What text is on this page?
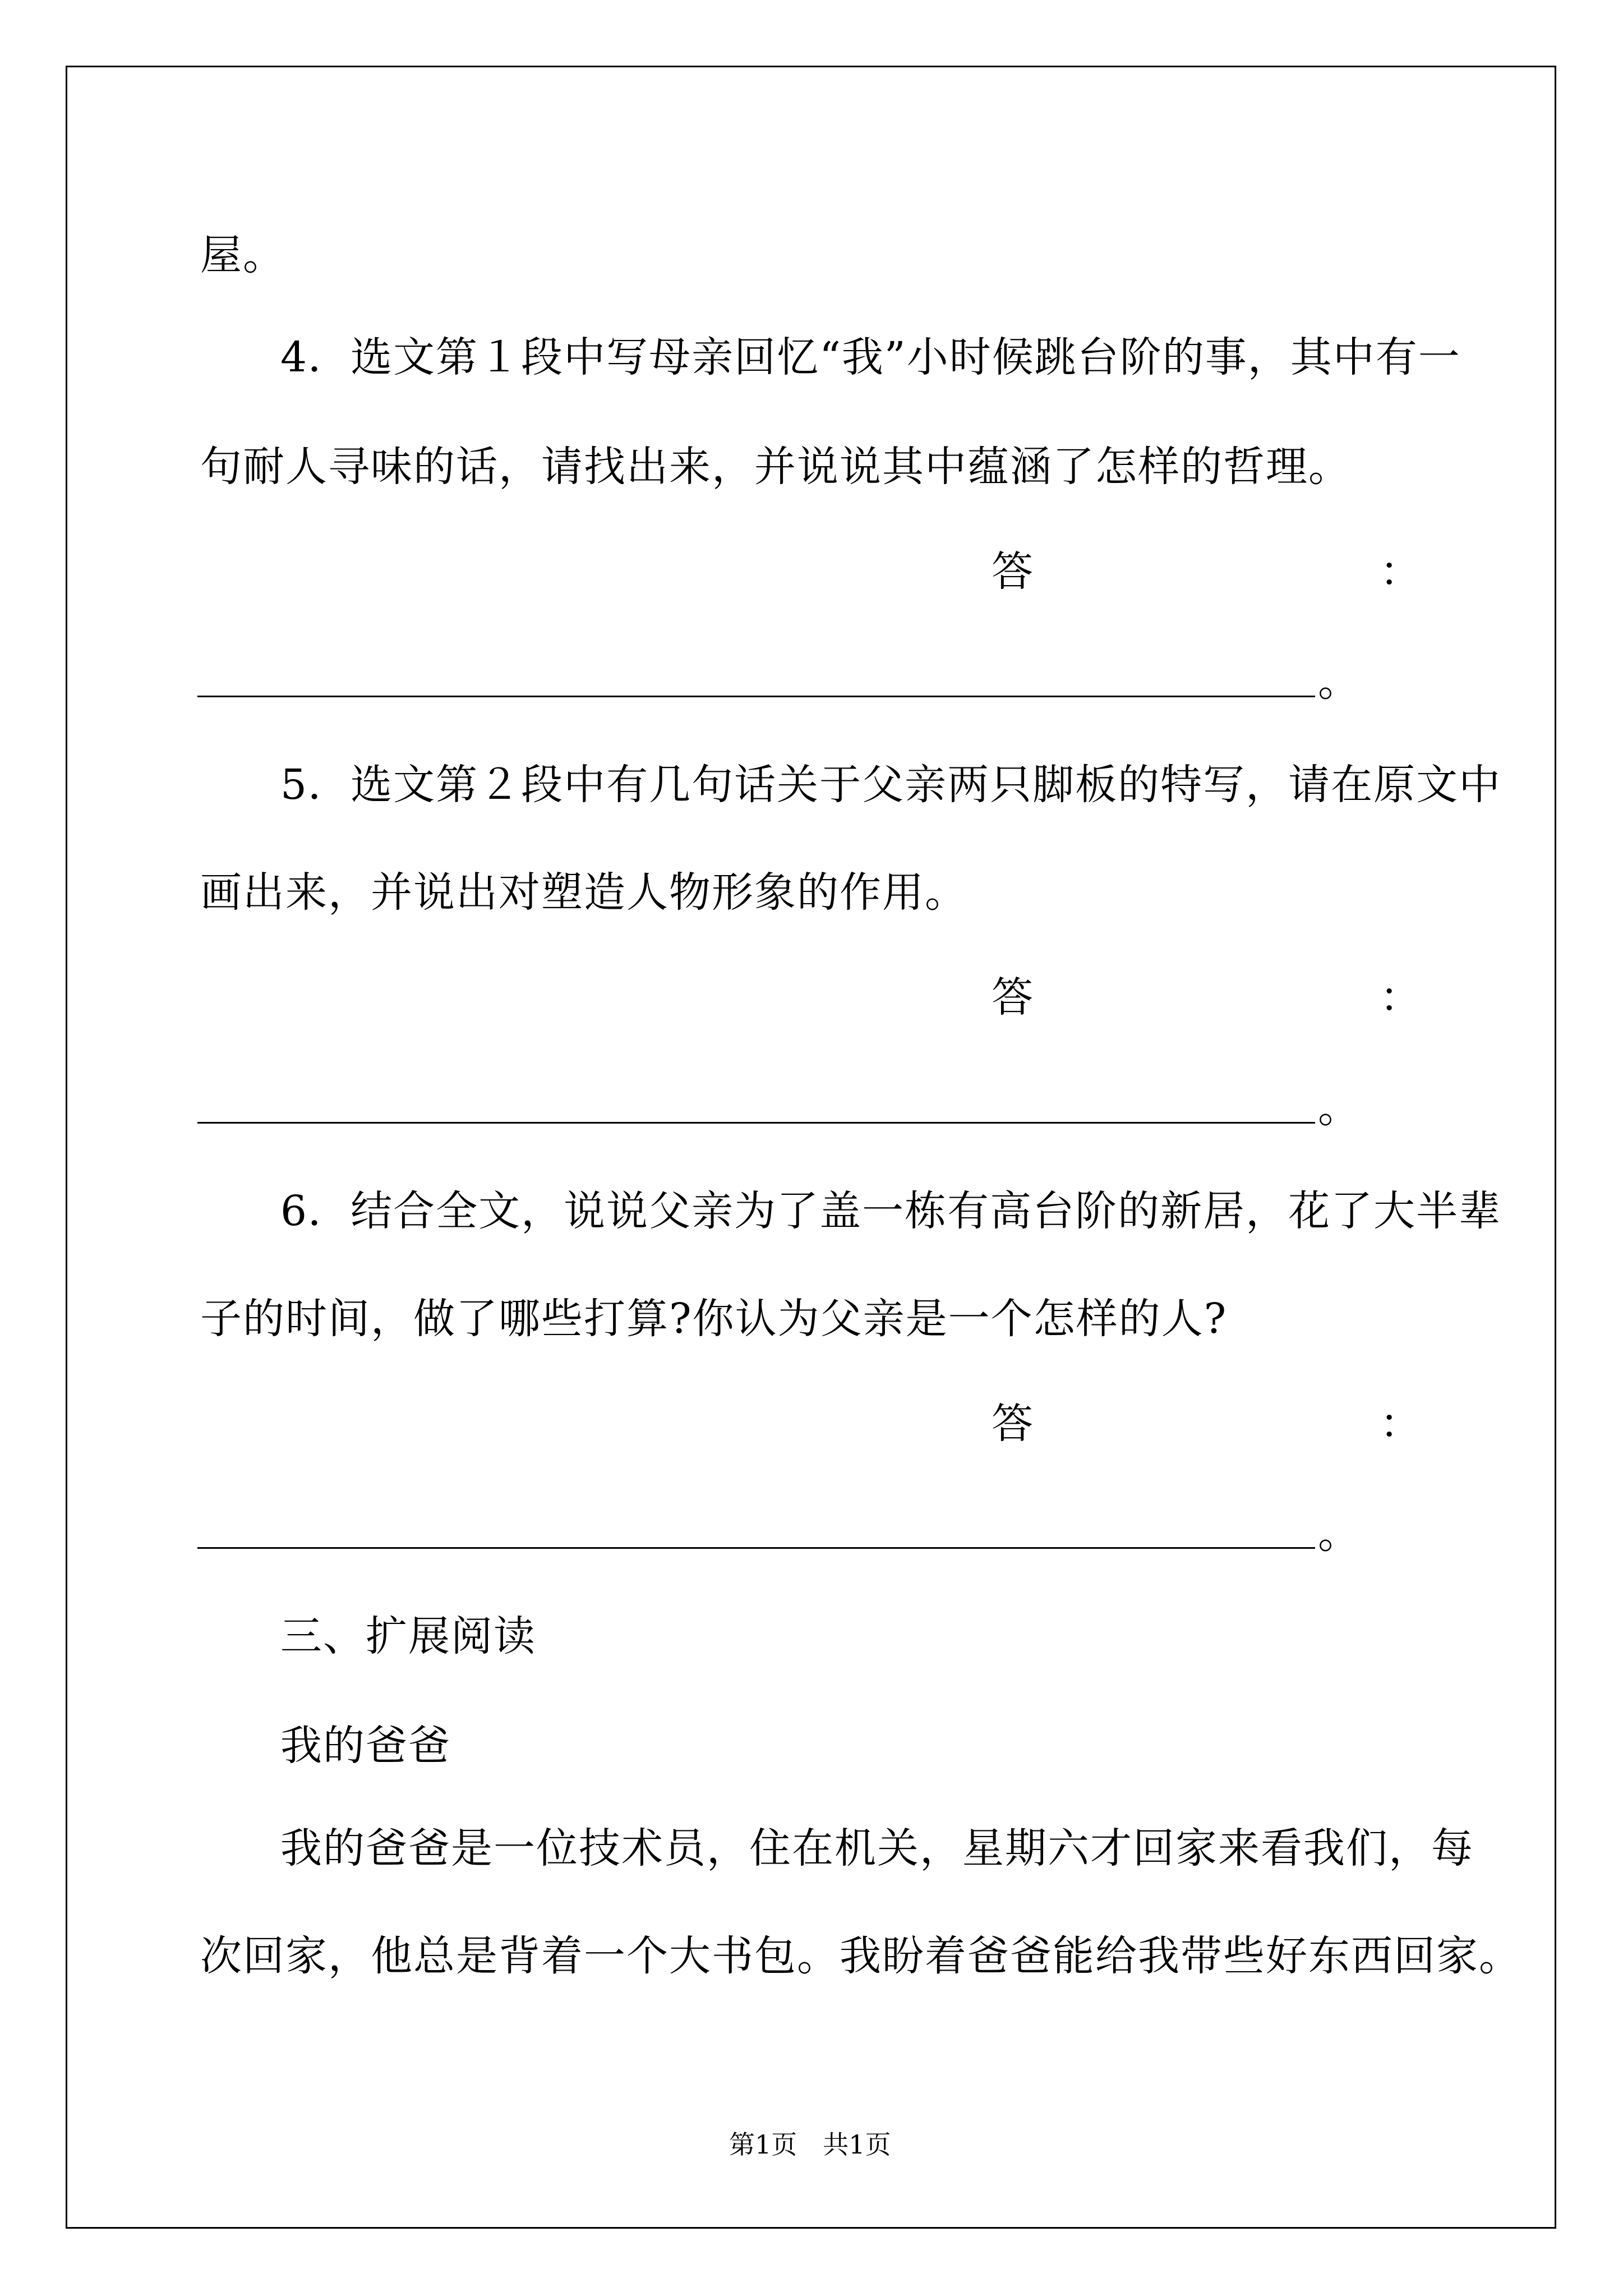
屋。
4．选文第１段中写母亲回忆“我”小时候跳台阶的事，其中有一
句耐人寻味的话，请找出来，并说说其中蕴涵了怎样的哲理。
答	：
。
5．选文第２段中有几句话关于父亲两只脚板的特写，请在原文中
画出来，并说出对塑造人物形象的作用。
答	：
。
6．结合全文，说说父亲为了盖一栋有高台阶的新居，花了大半辈
子的时间，做了哪些打算?你认为父亲是一个怎样的人?
答	：
。
三、扩展阅读
我的爸爸
我的爸爸是一位技术员，住在机关，星期六才回家来看我们，每
次回家，他总是背着一个大书包。我盼着爸爸能给我带些好东西回家。
第1页　共1页
